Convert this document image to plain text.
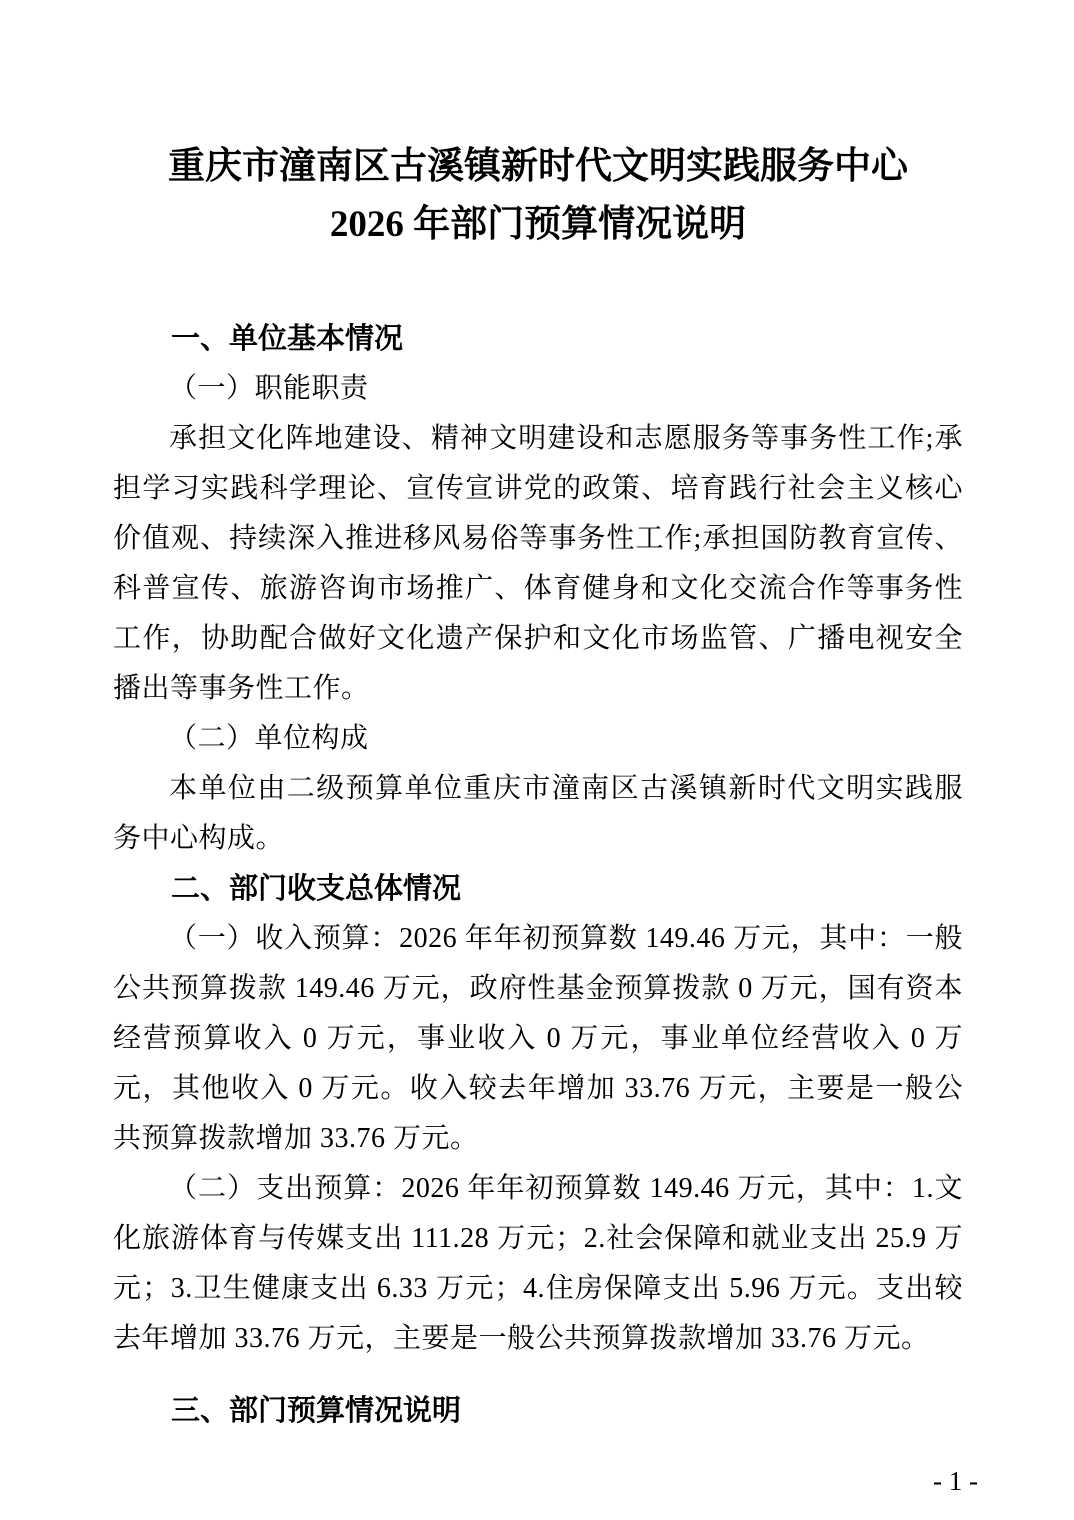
重庆市潼南区古溪镇新时代文明实践服务中心
2026 年部门预算情况说明

一、单位基本情况

（一）职能职责

承担文化阵地建设、精神文明建设和志愿服务等事务性工作;承担学习实践科学理论、宣传宣讲党的政策、培育践行社会主义核心价值观、持续深入推进移风易俗等事务性工作;承担国防教育宣传、科普宣传、旅游咨询市场推广、体育健身和文化交流合作等事务性工作，协助配合做好文化遗产保护和文化市场监管、广播电视安全播出等事务性工作。

（二）单位构成

本单位由二级预算单位重庆市潼南区古溪镇新时代文明实践服务中心构成。

二、部门收支总体情况

（一）收入预算：2026 年年初预算数 149.46 万元，其中：一般公共预算拨款 149.46 万元，政府性基金预算拨款 0 万元，国有资本经营预算收入 0 万元，事业收入 0 万元，事业单位经营收入 0 万元，其他收入 0 万元。收入较去年增加 33.76 万元，主要是一般公共预算拨款增加 33.76 万元。

（二）支出预算：2026 年年初预算数 149.46 万元，其中：1.文化旅游体育与传媒支出 111.28 万元；2.社会保障和就业支出 25.9 万元；3.卫生健康支出 6.33 万元；4.住房保障支出 5.96 万元。支出较去年增加 33.76 万元，主要是一般公共预算拨款增加 33.76 万元。

三、部门预算情况说明

- 1 -
